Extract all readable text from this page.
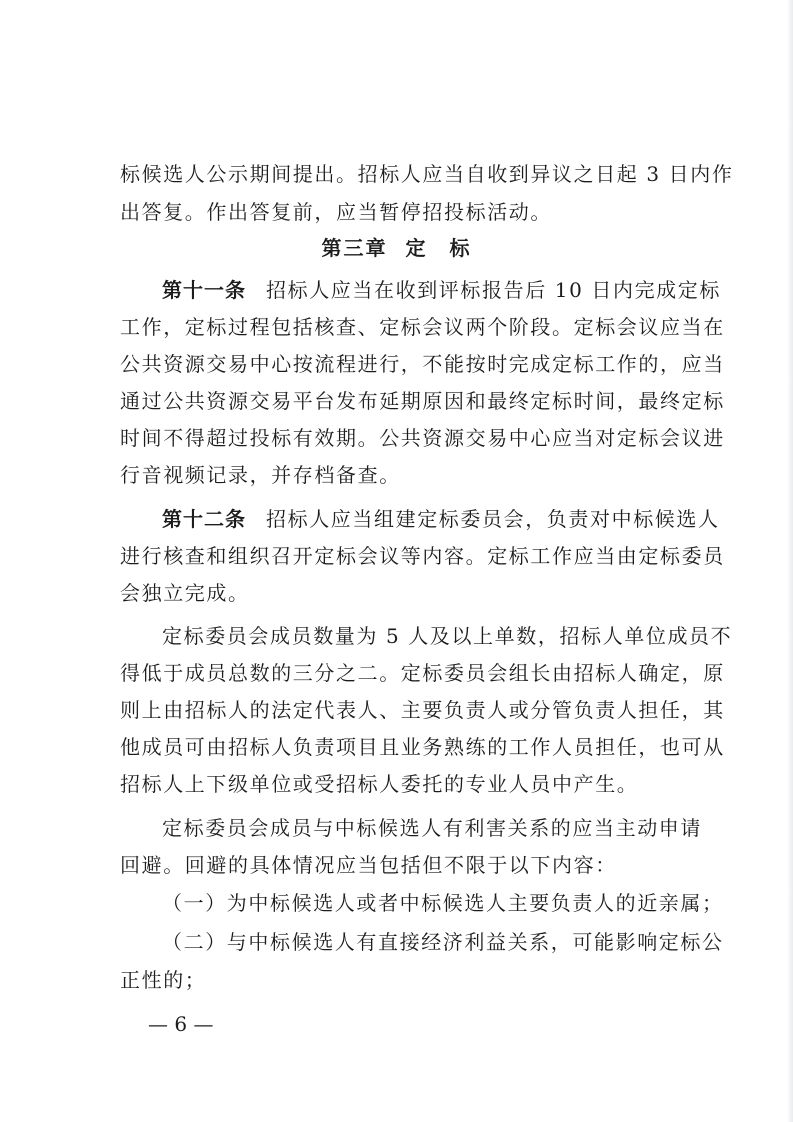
标候选人公示期间提出。招标人应当自收到异议之日起 3 日内作
出答复。作出答复前，应当暂停招投标活动。
第三章 定　标
第十一条 招标人应当在收到评标报告后 10 日内完成定标
工作，定标过程包括核查、定标会议两个阶段。定标会议应当在
公共资源交易中心按流程进行，不能按时完成定标工作的，应当
通过公共资源交易平台发布延期原因和最终定标时间，最终定标
时间不得超过投标有效期。公共资源交易中心应当对定标会议进
行音视频记录，并存档备查。
第十二条 招标人应当组建定标委员会，负责对中标候选人
进行核查和组织召开定标会议等内容。定标工作应当由定标委员
会独立完成。
定标委员会成员数量为 5 人及以上单数，招标人单位成员不
得低于成员总数的三分之二。定标委员会组长由招标人确定，原
则上由招标人的法定代表人、主要负责人或分管负责人担任，其
他成员可由招标人负责项目且业务熟练的工作人员担任，也可从
招标人上下级单位或受招标人委托的专业人员中产生。
定标委员会成员与中标候选人有利害关系的应当主动申请
回避。回避的具体情况应当包括但不限于以下内容：
（一）为中标候选人或者中标候选人主要负责人的近亲属；
（二）与中标候选人有直接经济利益关系，可能影响定标公
正性的；
— 6 —
